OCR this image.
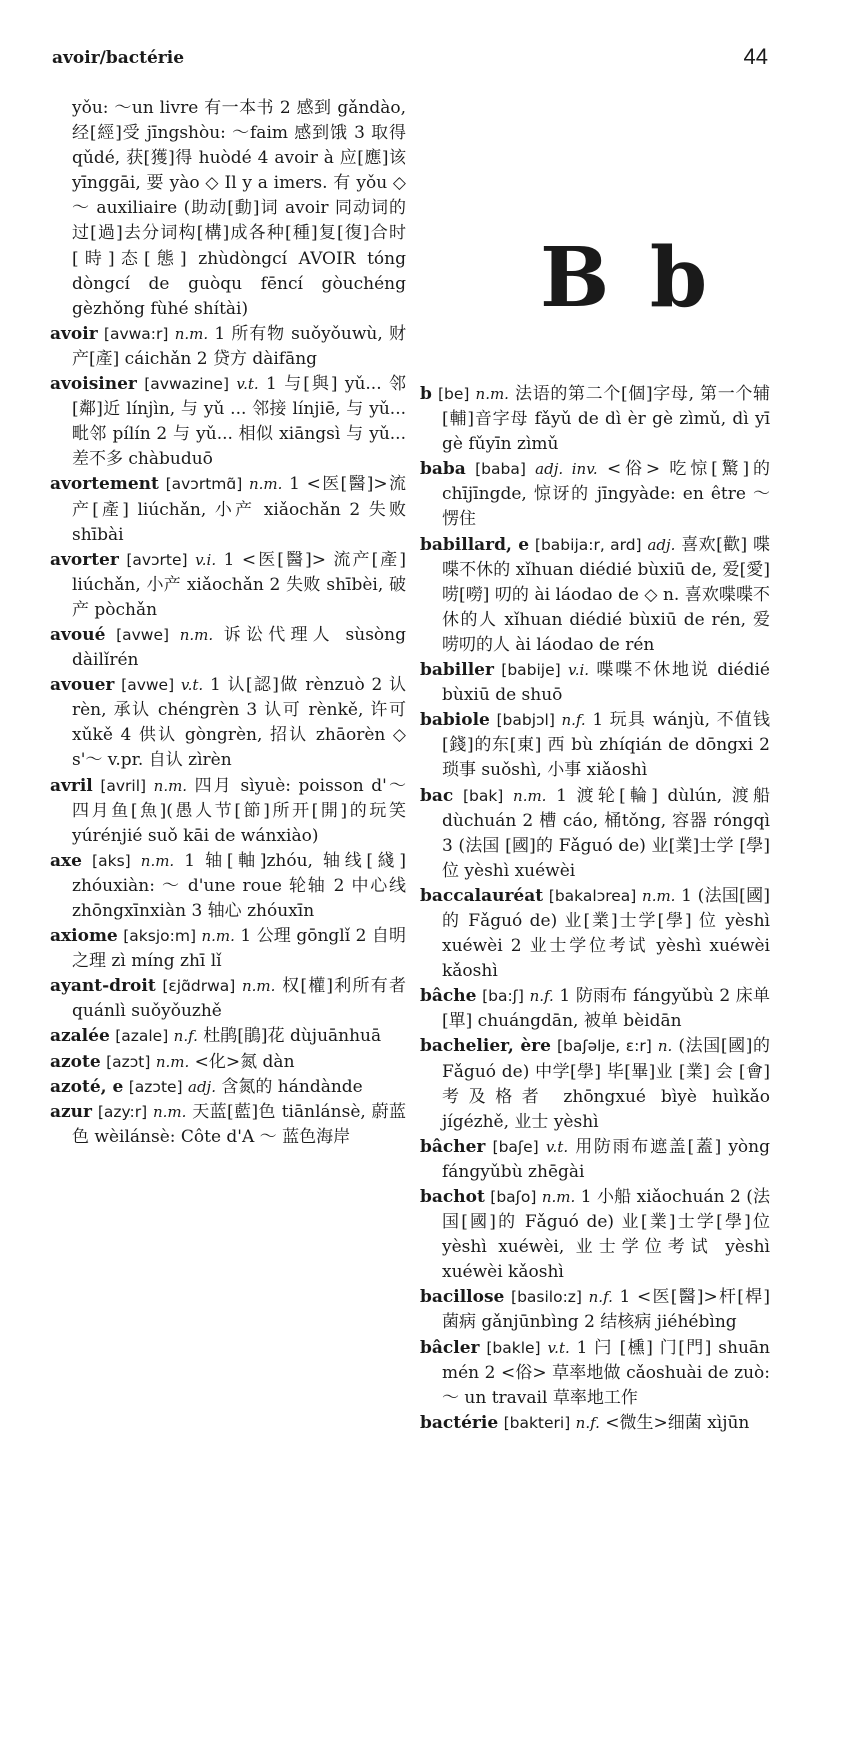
avoir/bactérie	44

yǒu: ～un livre 有一本书 2 感到 gǎndào, 经[經]受 jīngshòu: ～faim 感到饿 3 取得 qǔdé, 获[獲]得 huòdé 4 avoir à 应[應]该 yīnggāi, 要 yào ◇ Il y a imers. 有 yǒu ◇ ～ auxiliaire (助动[動]词 avoir 同动词的过[過]去分词构[構]成各种[種]复[復]合时[時]态[態] zhùdòngcí AVOIR tóng dòngcí de guòqu fēncí gòuchéng gèzhǒng fùhé shítài)

avoir [avwa:r] n.m. 1 所有物 suǒyǒuwù, 财产[產] cáichǎn 2 贷方 dàifāng

avoisiner [avwazine] v.t. 1 与[與] yǔ... 邻[鄰]近 línjìn, 与 yǔ ... 邻接 línjiē, 与 yǔ... 毗邻 pílín 2 与 yǔ... 相似 xiāngsì 与 yǔ... 差不多 chàbuduō

avortement [avɔrtmɑ̃] n.m. 1 <医[醫]>流产[產] liúchǎn, 小产 xiǎochǎn 2 失败 shībài

avorter [avɔrte] v.i. 1 <医[醫]> 流产[產] liúchǎn, 小产 xiǎochǎn 2 失败 shībèi, 破产 pòchǎn

avoué [avwe] n.m. 诉讼代理人 sùsòng dàilǐrén

avouer [avwe] v.t. 1 认[認]做 rènzuò 2 认 rèn, 承认 chéngrèn 3 认可 rènkě, 许可 xǔkě 4 供认 gòngrèn, 招认 zhāorèn ◇ s'～ v.pr. 自认 zìrèn

avril [avril] n.m. 四月 sìyuè: poisson d'～ 四月鱼[魚](愚人节[節]所开[開]的玩笑 yúrénjié suǒ kāi de wánxiào)

axe [aks] n.m. 1 轴[軸]zhóu, 轴线[綫] zhóuxiàn: ～ d'une roue 轮轴 2 中心线 zhōngxīnxiàn 3 轴心 zhóuxīn

axiome [aksjo:m] n.m. 1 公理 gōnglǐ 2 自明之理 zì míng zhī lǐ

ayant-droit [ɛjɑ̃drwa] n.m. 权[權]利所有者 quánlì suǒyǒuzhě

azalée [azale] n.f. 杜鹃[鵑]花 dùjuānhuā

azote [azɔt] n.m. <化>氮 dàn

azoté, e [azɔte] adj. 含氮的 hándànde

azur [azy:r] n.m. 天蓝[藍]色 tiānlánsè, 蔚蓝色 wèilánsè: Côte d'A ～ 蓝色海岸

B b

b [be] n.m. 法语的第二个[個]字母, 第一个辅[輔]音字母 fǎyǔ de dì èr gè zìmǔ, dì yī gè fǔyīn zìmǔ

baba [baba] adj. inv. <俗> 吃惊[驚]的 chījīngde, 惊讶的 jīngyàde: en être ～愣住

babillard, e [babija:r, ard] adj. 喜欢[歡] 喋喋不休的 xǐhuan diédié bùxiū de, 爱[愛]唠[嘮] 叨的 ài láodao de ◇ n. 喜欢喋喋不休的人 xǐhuan diédié bùxiū de rén, 爱唠叨的人 ài láodao de rén

babiller [babije] v.i. 喋喋不休地说 diédié bùxiū de shuō

babiole [babjɔl] n.f. 1 玩具 wánjù, 不值钱[錢]的东[東] 西 bù zhíqián de dōngxi 2 琐事 suǒshì, 小事 xiǎoshì

bac [bak] n.m. 1 渡轮[輪] dùlún, 渡船 dùchuán 2 槽 cáo, 桶tǒng, 容器 róngqì 3 (法国 [國]的 Fǎguó de) 业[業]士学 [學]位 yèshì xuéwèi

baccalauréat [bakalɔrea] n.m. 1 (法国[國]的 Fǎguó de) 业[業]士学[學] 位 yèshì xuéwèi 2 业士学位考试 yèshì xuéwèi kǎoshì

bâche [ba:ʃ] n.f. 1 防雨布 fángyǔbù 2 床单[單] chuángdān, 被单 bèidān

bachelier, ère [baʃəlje, ɛ:r] n. (法国[國]的 Fǎguó de) 中学[學] 毕[畢]业 [業] 会 [會] 考及格者 zhōngxué bìyè huìkǎo jígézhě, 业士 yèshì

bâcher [baʃe] v.t. 用防雨布遮盖[蓋] yòng fángyǔbù zhēgài

bachot [baʃo] n.m. 1 小船 xiǎochuán 2 (法国[國]的 Fǎguó de) 业[業]士学[學]位 yèshì xuéwèi, 业士学位考试 yèshì xuéwèi kǎoshì

bacillose [basilo:z] n.f. 1 <医[醫]>杆[桿] 菌病 gǎnjūnbìng 2 结核病 jiéhébìng

bâcler [bakle] v.t. 1 闩 [櫄] 门[門] shuān mén 2 <俗> 草率地做 cǎoshuài de zuò: ～ un travail 草率地工作

bactérie [bakteri] n.f. <微生>细菌 xìjūn
